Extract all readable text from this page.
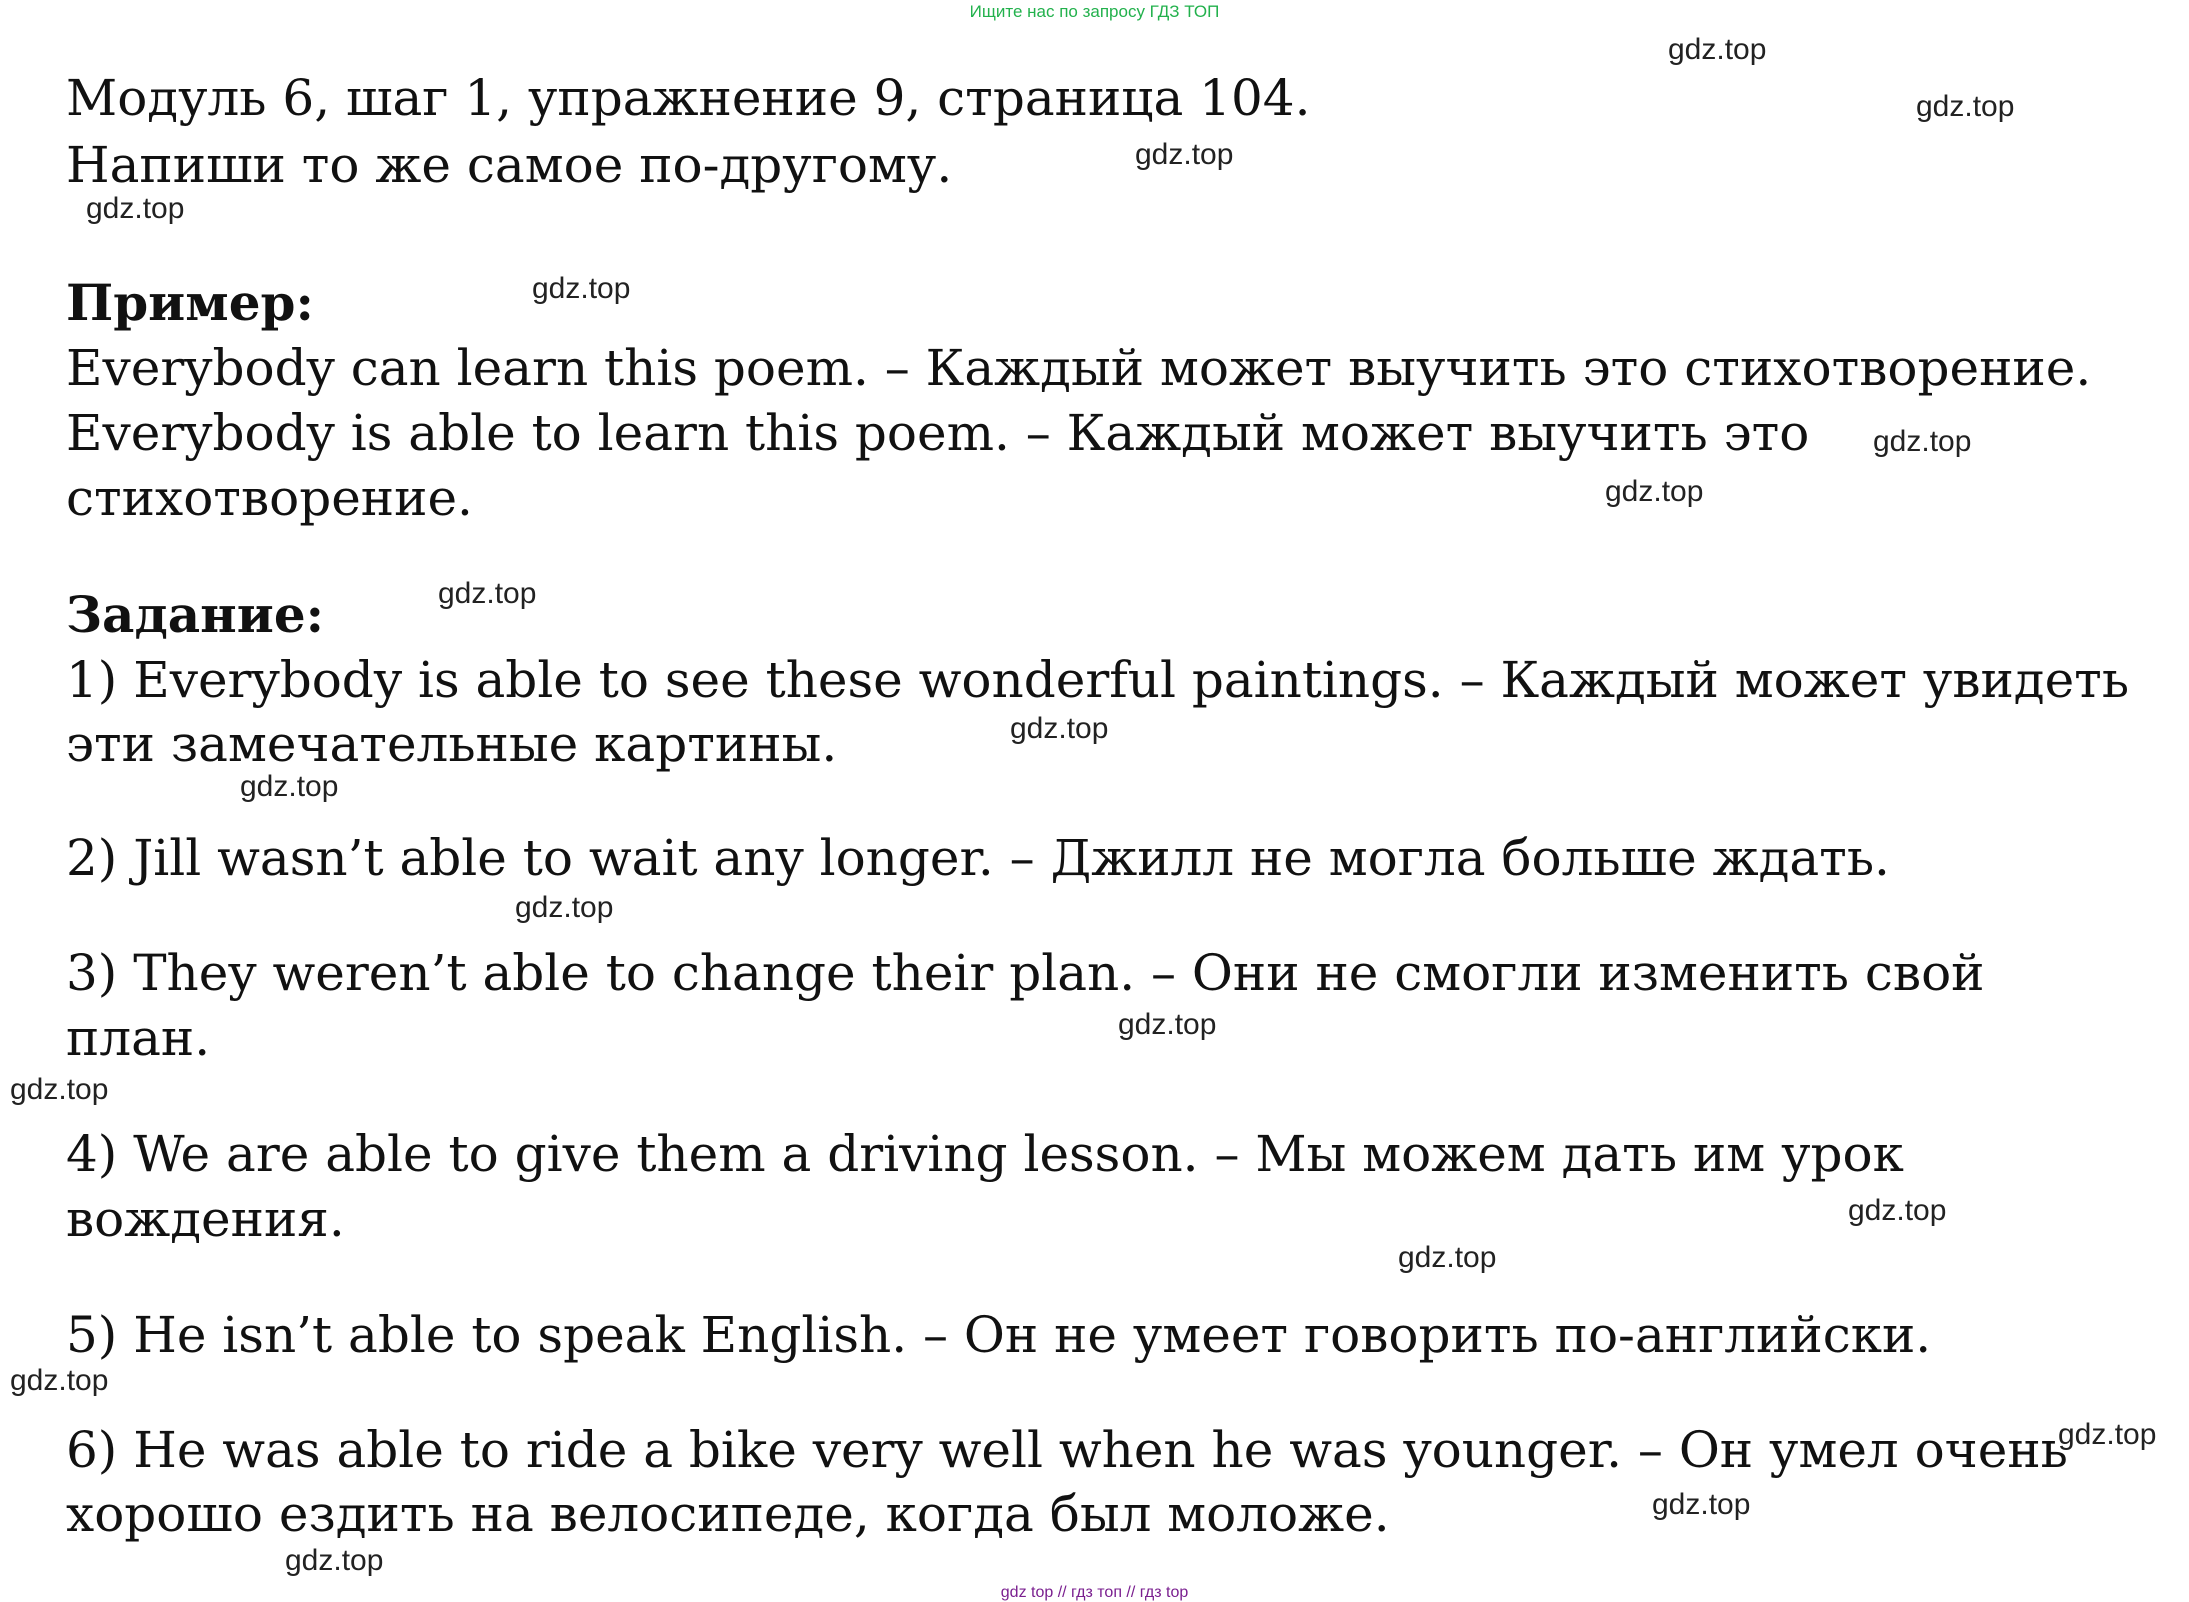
Ищите нас по запросу ГДЗ ТОП
Модуль 6, шаг 1, упражнение 9, страница 104.
Напиши то же самое по-другому.
Пример:
Everybody can learn this poem. – Каждый может выучить это стихотворение.
Everybody is able to learn this poem. – Каждый может выучить это
стихотворение.
Задание:
1) Everybody is able to see these wonderful paintings. – Каждый может увидеть
эти замечательные картины.
2) Jill wasn’t able to wait any longer. – Джилл не могла больше ждать.
3) They weren’t able to change their plan. – Они не смогли изменить свой
план.
4) We are able to give them a driving lesson. – Мы можем дать им урок
вождения.
5) He isn’t able to speak English. – Он не умеет говорить по-английски.
6) He was able to ride a bike very well when he was younger. – Он умел очень
хорошо ездить на велосипеде, когда был моложе.
gdz.top
gdz.top
gdz.top
gdz.top
gdz.top
gdz.top
gdz.top
gdz.top
gdz.top
gdz.top
gdz.top
gdz.top
gdz.top
gdz.top
gdz.top
gdz.top
gdz.top
gdz.top
gdz.top
gdz top // гдз топ // гдз top
